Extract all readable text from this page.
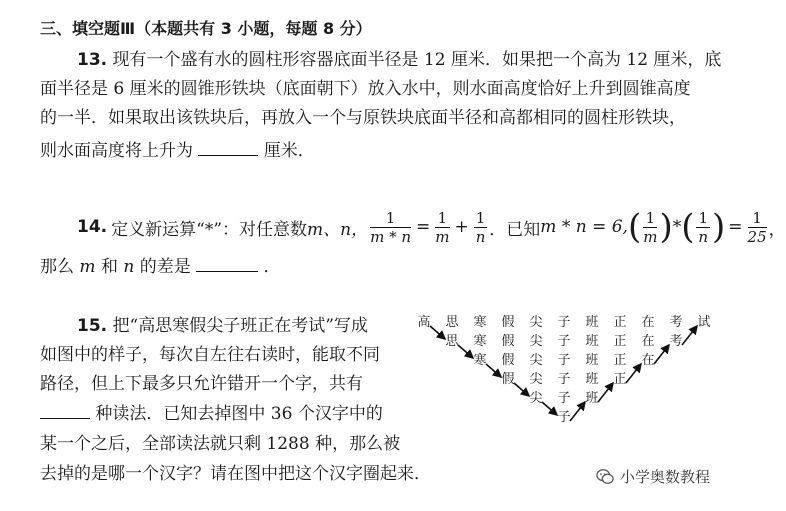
三、填空题Ⅲ（本题共有 3 小题，每题 8 分）
13. 现有一个盛有水的圆柱形容器底面半径是 12 厘米．如果把一个高为 12 厘米，底
面半径是 6 厘米的圆锥形铁块（底面朝下）放入水中，则水面高度恰好上升到圆锥高度
的一半．如果取出该铁块后，再放入一个与原铁块底面半径和高都相同的圆柱形铁块，
则水面高度将上升为	厘米．
14. 定义新运算“*”：对任意数 m、n， $\frac{1}{m * n} = \frac{1}{m} + \frac{1}{n}$ ．已知 m * n = 6, ( $\frac{1}{m}$ ) * ( $\frac{1}{n}$ ) = $\frac{1}{25}$ ，
那么 m 和 n 的差是	．
15. 把“高思寒假尖子班正在考试”写成
如图中的样子，每次自左往右读时，能取不同
路径，但上下最多只允许错开一个字，共有
种读法．已知去掉图中 36 个汉字中的
某一个之后，全部读法就只剩 1288 种，那么被
去掉的是哪一个汉字？请在图中把这个汉字圈起来．
高 思
思
寒
寒
寒
假
假
假
假
尖
尖
尖
尖
尖
子
子
子
子
子
子
班
班
班
班
班
正
正
正
正
在
在
在
考
考
试
小学奥数教程
